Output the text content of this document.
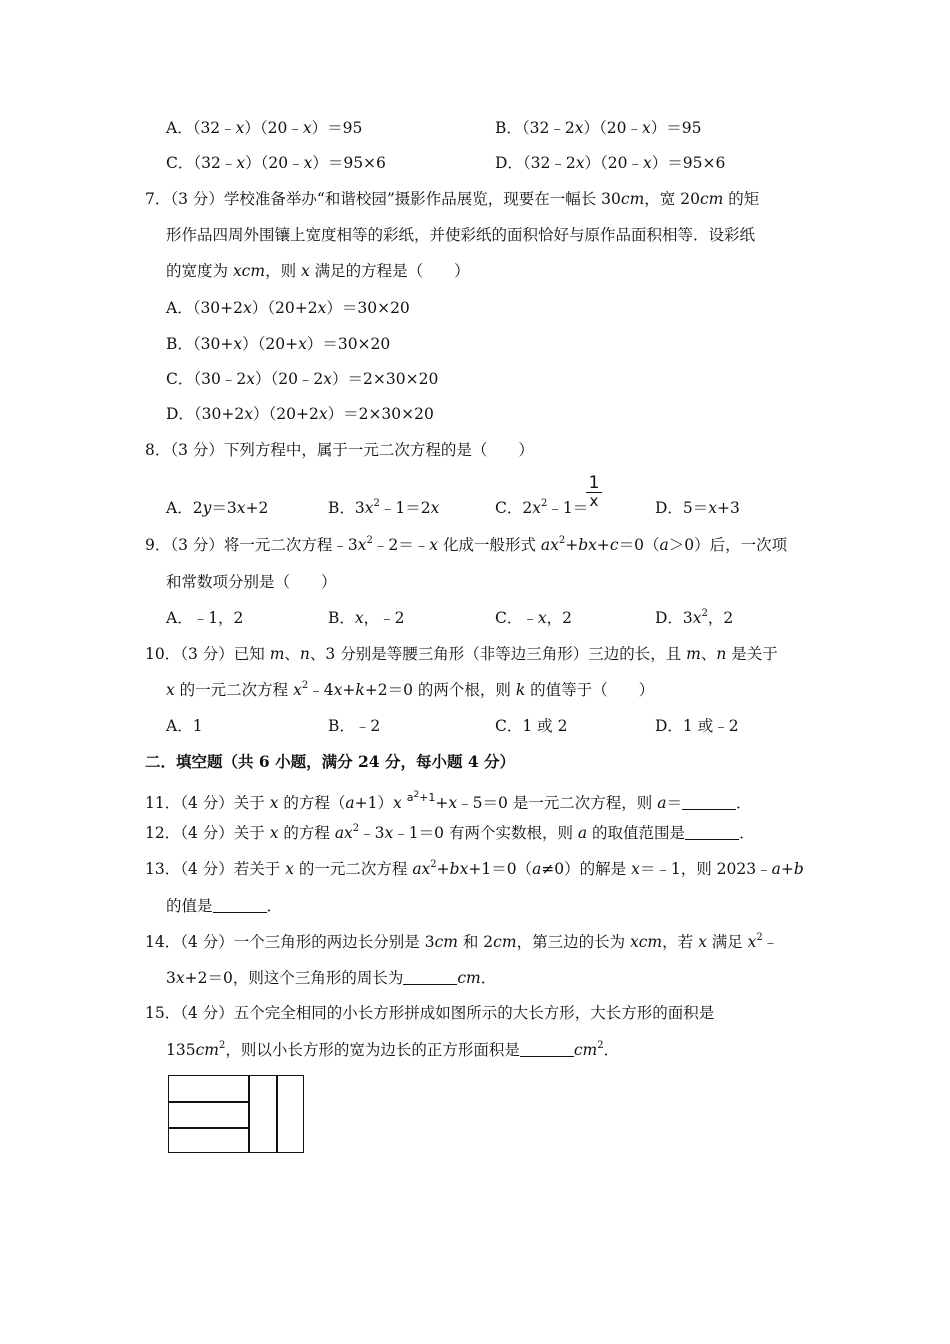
A．（32﹣x）（20﹣x）＝95	B．（32﹣2x）（20﹣x）＝95
C．（32﹣x）（20﹣x）＝95×6	D．（32﹣2x）（20﹣x）＝95×6
7．（3 分）学校准备举办“和谐校园”摄影作品展览，现要在一幅长 30cm，宽 20cm 的矩
形作品四周外围镶上宽度相等的彩纸，并使彩纸的面积恰好与原作品面积相等．设彩纸
的宽度为 xcm，则 x 满足的方程是（　　）
A．（30+2x）（20+2x）＝30×20
B．（30+x）（20+x）＝30×20
C．（30﹣2x）（20﹣2x）＝2×30×20
D．（30+2x）（20+2x）＝2×30×20
8．（3 分）下列方程中，属于一元二次方程的是（　　）
A．2y＝3x+2	B．$3x^2﹣1=2x$	C．$2x^2﹣1=$
$\frac{1}{x}$	D．5＝x+3
9．（3 分）将一元二次方程$﹣3x^2﹣2=﹣x$ 化成一般形式 $ax^2+bx+c=0(a>0)$后，一次项
和常数项分别是（　　）
A．﹣1，2	B．x，﹣2	C．﹣x，2	D．$3x^2$，2
10．（3 分）已知 m、n、3 分别是等腰三角形（非等边三角形）三边的长，且 m、n 是关于
x 的一元二次方程 $x^2﹣4x+k+2=0$ 的两个根，则 k 的值等于（　　）
A．1	B．﹣2	C．1 或 2	D．1 或﹣2
二．填空题（共 6 小题，满分 24 分，每小题 4 分）
11．（4 分）关于 x 的方程（a+1）x $^{a^2+1}$+x﹣5＝0 是一元二次方程，则 a＝	．
12．（4 分）关于 x 的方程 $ax^2﹣3x﹣1=0$ 有两个实数根，则 a 的取值范围是	．
13．（4 分）若关于 x 的一元二次方程 $ax^2+bx+1=0(a\ne 0)$的解是 x＝﹣1，则 2023﹣a+b
的值是	．
14．（4 分）一个三角形的两边长分别是 3cm 和 2cm，第三边的长为 xcm，若 x 满足 $x^2﹣$
3x+2＝0，则这个三角形的周长为	cm．
15．（4 分）五个完全相同的小长方形拼成如图所示的大长方形，大长方形的面积是
$135cm^2$，则以小长方形的宽为边长的正方形面积是	$cm^2$．
